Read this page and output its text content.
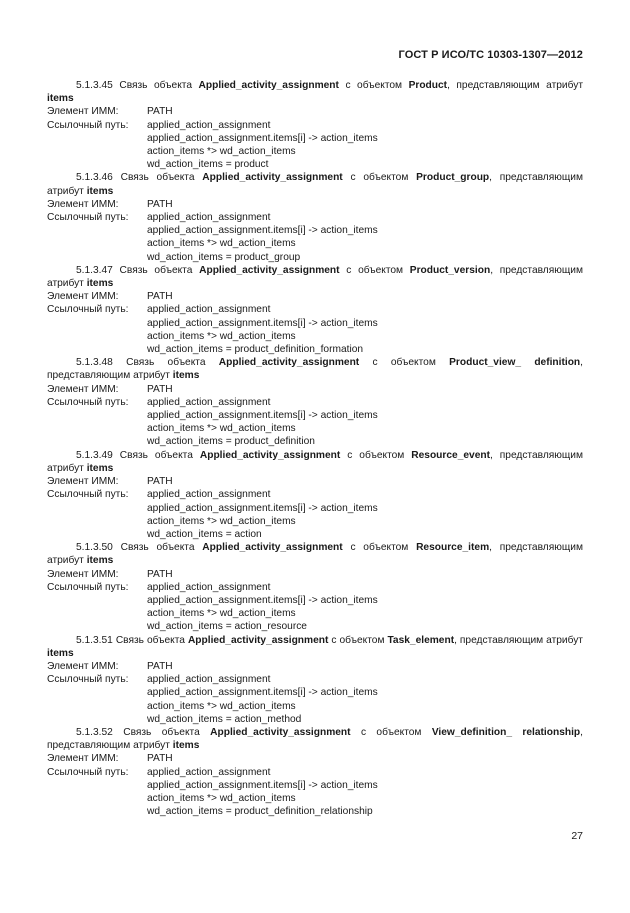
ГОСТ Р ИСО/ТС 10303-1307—2012
5.1.3.45 Связь объекта Applied_activity_assignment с объектом Product, представляющим атрибут items
Элемент ИММ:	PATH
Ссылочный путь:	applied_action_assignment
applied_action_assignment.items[i] -> action_items
action_items *> wd_action_items
wd_action_items = product
5.1.3.46 Связь объекта Applied_activity_assignment с объектом Product_group, представляющим атрибут items
Элемент ИММ:	PATH
Ссылочный путь:	applied_action_assignment
applied_action_assignment.items[i] -> action_items
action_items *> wd_action_items
wd_action_items = product_group
5.1.3.47 Связь объекта Applied_activity_assignment с объектом Product_version, представляющим атрибут items
Элемент ИММ:	PATH
Ссылочный путь:	applied_action_assignment
applied_action_assignment.items[i] -> action_items
action_items *> wd_action_items
wd_action_items = product_definition_formation
5.1.3.48 Связь объекта Applied_activity_assignment с объектом Product_view_ definition, представляющим атрибут items
Элемент ИММ:	PATH
Ссылочный путь:	applied_action_assignment
applied_action_assignment.items[i] -> action_items
action_items *> wd_action_items
wd_action_items = product_definition
5.1.3.49 Связь объекта Applied_activity_assignment с объектом Resource_event, представляющим атрибут items
Элемент ИММ:	PATH
Ссылочный путь:	applied_action_assignment
applied_action_assignment.items[i] -> action_items
action_items *> wd_action_items
wd_action_items = action
5.1.3.50 Связь объекта Applied_activity_assignment с объектом Resource_item, представляющим атрибут items
Элемент ИММ:	PATH
Ссылочный путь:	applied_action_assignment
applied_action_assignment.items[i] -> action_items
action_items *> wd_action_items
wd_action_items = action_resource
5.1.3.51 Связь объекта Applied_activity_assignment с объектом Task_element, представляющим атрибут items
Элемент ИММ:	PATH
Ссылочный путь:	applied_action_assignment
applied_action_assignment.items[i] -> action_items
action_items *> wd_action_items
wd_action_items = action_method
5.1.3.52 Связь объекта Applied_activity_assignment с объектом View_definition_ relationship, представляющим атрибут items
Элемент ИММ:	PATH
Ссылочный путь:	applied_action_assignment
applied_action_assignment.items[i] -> action_items
action_items *> wd_action_items
wd_action_items = product_definition_relationship
27
